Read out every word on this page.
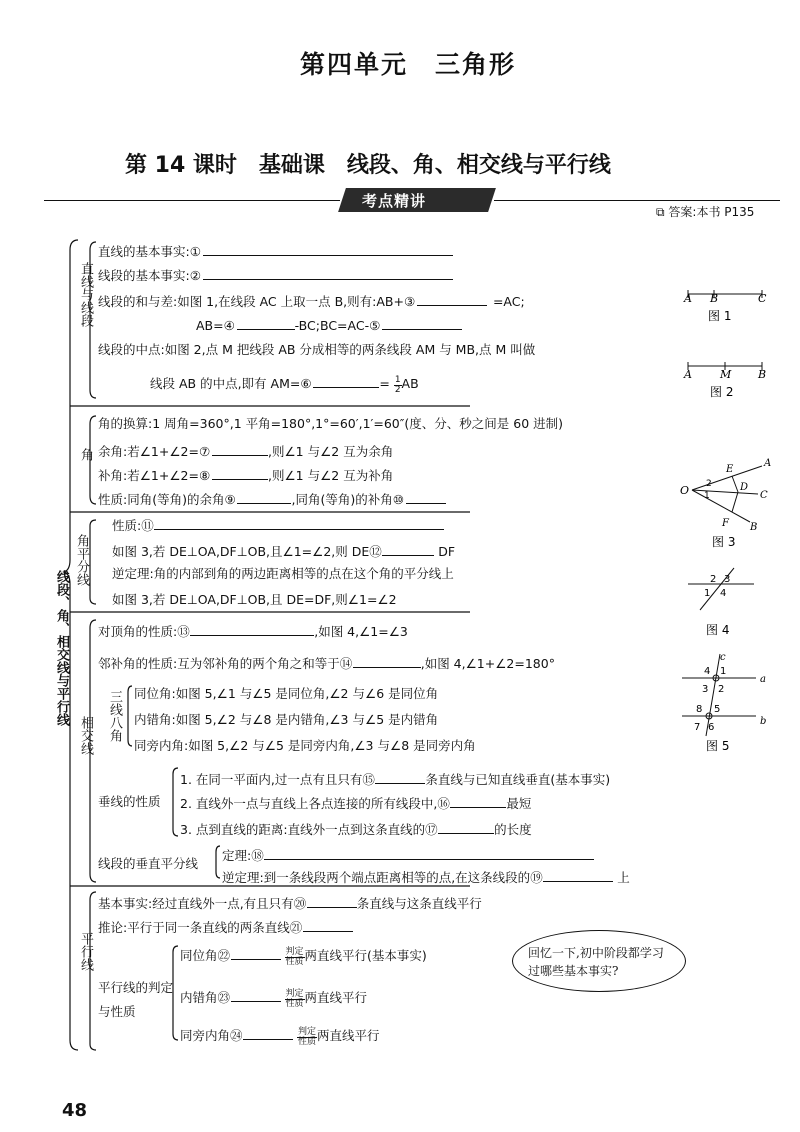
第四单元　三角形
第 14 课时　基础课　线段、角、相交线与平行线
考点精讲
⧉ 答案:本书 P135
线段、角、相交线与平行线
直线与线段
角
角平分线
相交线
平行线
三线八角
直线的基本事实:①
线段的基本事实:②
线段的和与差:如图 1,在线段 AC 上取一点 B,则有:AB+③	=AC;
AB=④	-BC;BC=AC-⑤
线段的中点:如图 2,点 M 把线段 AB 分成相等的两条线段 AM 与 MB,点 M 叫做
线段 AB 的中点,即有 AM=⑥	= $\frac{1}{2}AB$
角的换算:1 周角=360°,1 平角=180°,1°=60′,1′=60″(度、分、秒之间是 60 进制)
余角:若∠1+∠2=⑦	,则∠1 与∠2 互为余角
补角:若∠1+∠2=⑧	,则∠1 与∠2 互为补角
性质:同角(等角)的余角⑨	,同角(等角)的补角⑩
性质:⑪
如图 3,若 DE⊥OA,DF⊥OB,且∠1=∠2,则 DE⑫	DF
逆定理:角的内部到角的两边距离相等的点在这个角的平分线上
如图 3,若 DE⊥OA,DF⊥OB,且 DE=DF,则∠1=∠2
对顶角的性质:⑬	,如图 4,∠1=∠3
邻补角的性质:互为邻补角的两个角之和等于⑭	,如图 4,∠1+∠2=180°
同位角:如图 5,∠1 与∠5 是同位角,∠2 与∠6 是同位角
内错角:如图 5,∠2 与∠8 是内错角,∠3 与∠5 是内错角
同旁内角:如图 5,∠2 与∠5 是同旁内角,∠3 与∠8 是同旁内角
垂线的性质
1. 在同一平面内,过一点有且只有⑮	条直线与已知直线垂直(基本事实)
2. 直线外一点与直线上各点连接的所有线段中,⑯	最短
3. 点到直线的距离:直线外一点到这条直线的⑰	的长度
线段的垂直平分线
定理:⑱
逆定理:到一条线段两个端点距离相等的点,在这条线段的⑲	上
基本事实:经过直线外一点,有且只有⑳	条直线与这条直线平行
推论:平行于同一条直线的两条直线㉑
平行线的判定与性质
同位角㉒	$\frac{\text{判定}}{\text{性质}}$两直线平行(基本事实)
内错角㉓	$\frac{\text{判定}}{\text{性质}}$两直线平行
同旁内角㉔	$\frac{\text{判定}}{\text{性质}}$两直线平行
回忆一下,初中阶段都学习过哪些基本事实?
A B	C
图 1
A	M B
图 2
O
E
A
D
C
F B
1
2
图 3
2 3
1 4
图 4
c
a
b
4 1
3 2
8 5
7 6
图 5
48
